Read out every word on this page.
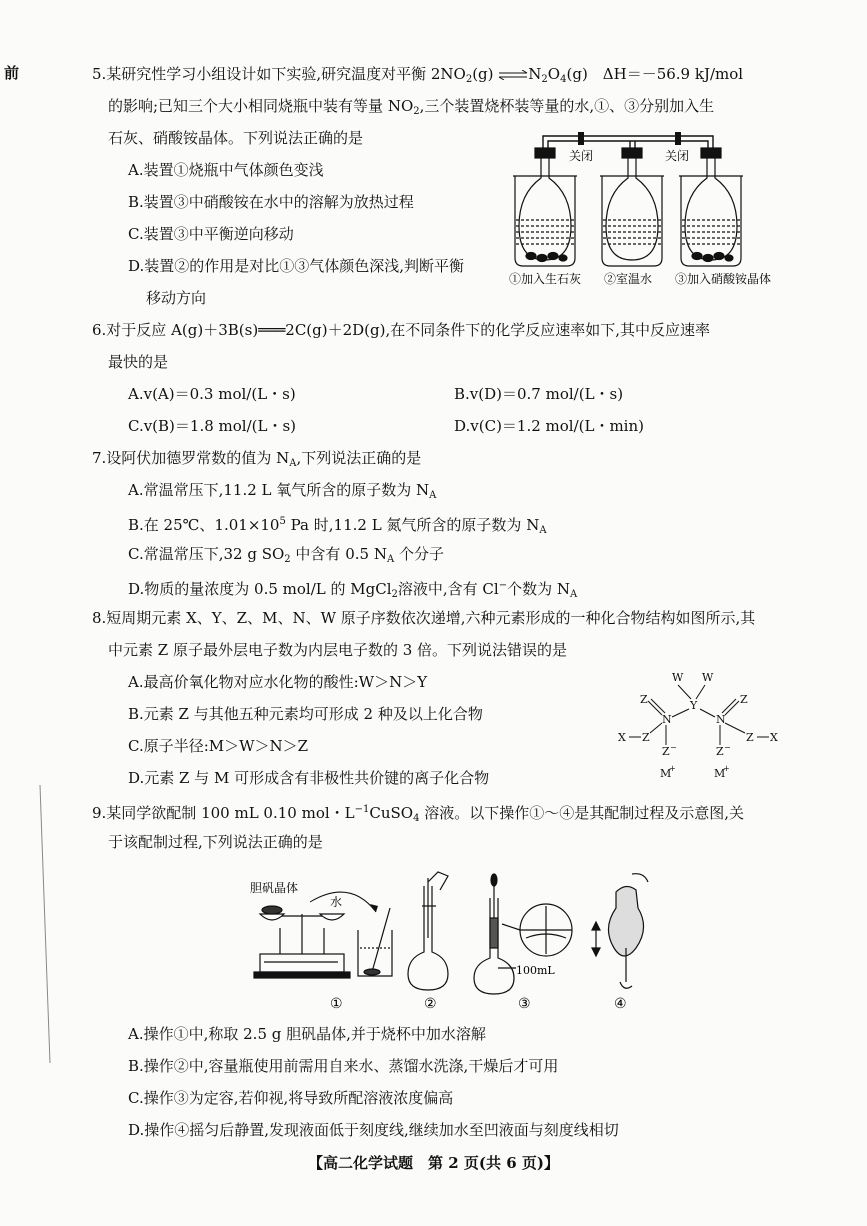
前	5.某研究性学习小组设计如下实验,研究温度对平衡 $2NO_2(g)$ $\rightleftharpoons N_2O_4(g)$　ΔH＝－56.9 kJ/mol
的影响;已知三个大小相同烧瓶中装有等量 $NO_2$,三个装置烧杯装等量的水,①、③分别加入生
石灰、硝酸铵晶体。下列说法正确的是
A.装置①烧瓶中气体颜色变浅
B.装置③中硝酸铵在水中的溶解为放热过程
C.装置③中平衡逆向移动
D.装置②的作用是对比①③气体颜色深浅,判断平衡
移动方向
关闭	关闭
①加入生石灰 ②室温水 ③加入硝酸铵晶体
6.对于反应 A(g)＋3B(s)═══2C(g)＋2D(g),在不同条件下的化学反应速率如下,其中反应速率
最快的是
A.v(A)＝0.3 mol/(L・s)	B.v(D)＝0.7 mol/(L・s)
C.v(B)＝1.8 mol/(L・s)	D.v(C)＝1.2 mol/(L・min)
7.设阿伏加德罗常数的值为 $N_A$,下列说法正确的是
A.常温常压下,11.2 L 氧气所含的原子数为 $N_A$
B.在 25℃、$1.01\times 10^5$ Pa 时,11.2 L 氮气所含的原子数为 $N_A$
C.常温常压下,32 g $SO_2$ 中含有 0.5 $N_A$ 个分子
D.物质的量浓度为 0.5 mol/L 的 MgCl$_2$溶液中,含有 Cl−个数为 $N_A$
8.短周期元素 X、Y、Z、M、N、W 原子序数依次递增,六种元素形成的一种化合物结构如图所示,其
中元素 Z 原子最外层电子数为内层电子数的 3 倍。下列说法错误的是
A.最高价氧化物对应水化物的酸性:W＞N＞Y
B.元素 Z 与其他五种元素均可形成 2 种及以上化合物
C.原子半径:M＞W＞N＞Z
D.元素 Z 与 M 可形成含有非极性共价键的离子化合物
W W
Y
Z	Z
N	N
X Z	Z X
Z	Z
−	−
M	M
+	+
9.某同学欲配制 100 mL 0.10 mol・$L^{-1}CuSO_4$ 溶液。以下操作①～④是其配制过程及示意图,关
于该配制过程,下列说法正确的是
胆矾晶体
水
100mL
①	②	③	④
A.操作①中,称取 2.5 g 胆矾晶体,并于烧杯中加水溶解
B.操作②中,容量瓶使用前需用自来水、蒸馏水洗涤,干燥后才可用
C.操作③为定容,若仰视,将导致所配溶液浓度偏高
D.操作④摇匀后静置,发现液面低于刻度线,继续加水至凹液面与刻度线相切
【高二化学试题　第 2 页(共 6 页)】
